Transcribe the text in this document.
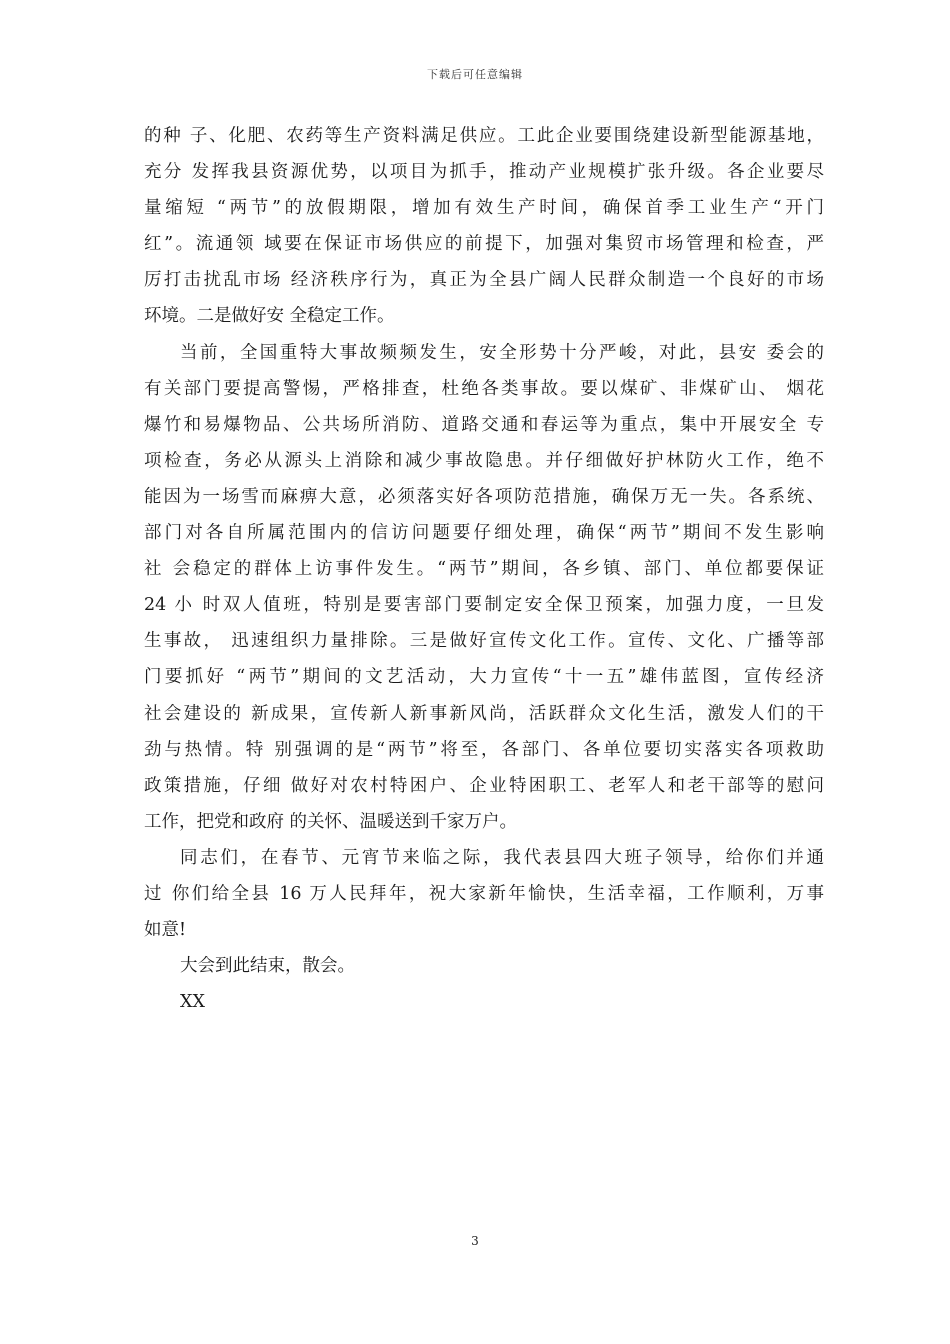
下载后可任意编辑
的种 子、化肥、农药等生产资料满足供应。工此企业要围绕建设新型能源基地，
充分 发挥我县资源优势，以项目为抓手，推动产业规模扩张升级。各企业要尽
量缩短 “两节”的放假期限，增加有效生产时间，确保首季工业生产“开门
红”。流通领 域要在保证市场供应的前提下，加强对集贸市场管理和检查，严
厉打击扰乱市场 经济秩序行为，真正为全县广阔人民群众制造一个良好的市场
环境。二是做好安 全稳定工作。
当前，全国重特大事故频频发生，安全形势十分严峻，对此，县安 委会的
有关部门要提高警惕，严格排查，杜绝各类事故。要以煤矿、非煤矿山、 烟花
爆竹和易爆物品、公共场所消防、道路交通和春运等为重点，集中开展安全 专
项检查，务必从源头上消除和减少事故隐患。并仔细做好护林防火工作，绝不
能因为一场雪而麻痹大意，必须落实好各项防范措施，确保万无一失。各系统、
部门对各自所属范围内的信访问题要仔细处理，确保“两节”期间不发生影响
社 会稳定的群体上访事件发生。“两节”期间，各乡镇、部门、单位都要保证
24 小 时双人值班，特别是要害部门要制定安全保卫预案，加强力度，一旦发
生事故， 迅速组织力量排除。三是做好宣传文化工作。宣传、文化、广播等部
门要抓好 “两节”期间的文艺活动，大力宣传“十一五”雄伟蓝图，宣传经济
社会建设的 新成果，宣传新人新事新风尚，活跃群众文化生活，激发人们的干
劲与热情。特 别强调的是“两节”将至，各部门、各单位要切实落实各项救助
政策措施，仔细 做好对农村特困户、企业特困职工、老军人和老干部等的慰问
工作，把党和政府 的关怀、温暖送到千家万户。
同志们，在春节、元宵节来临之际，我代表县四大班子领导，给你们并通
过 你们给全县 16 万人民拜年，祝大家新年愉快，生活幸福，工作顺利，万事
如意!
大会到此结束，散会。
XX
3
